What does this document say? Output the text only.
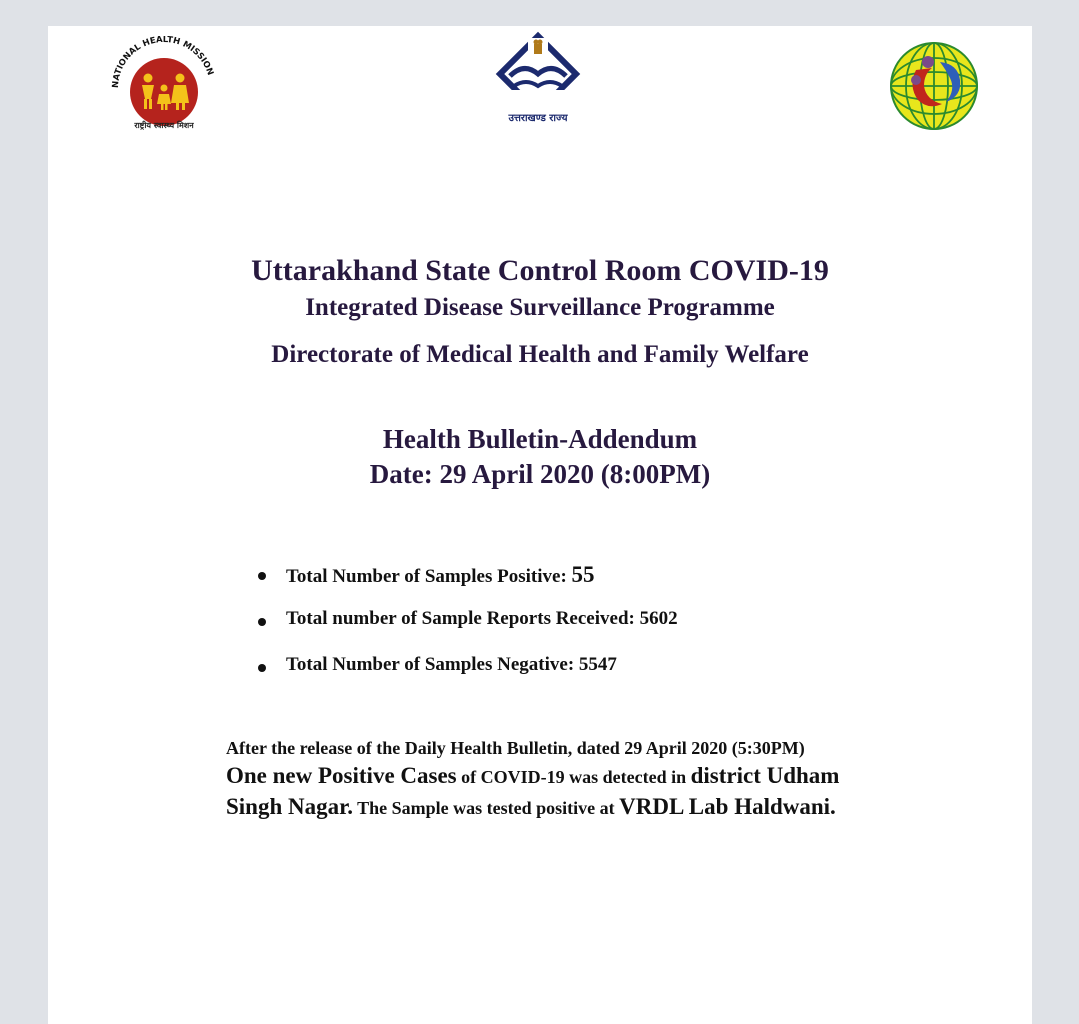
NATIONAL HEALTH MISSION
राष्ट्रीय स्वास्थ्य मिशन
उत्तराखण्ड राज्य
Uttarakhand State Control Room COVID-19
Integrated Disease Surveillance Programme
Directorate of Medical Health and Family Welfare
Health Bulletin-Addendum
Date: 29 April 2020 (8:00PM)
Total Number of Samples Positive: 55
Total number of Sample Reports Received: 5602
Total Number of Samples Negative: 5547
After the release of the Daily Health Bulletin, dated 29 April 2020 (5:30PM)
One new Positive Cases of COVID-19 was detected in district Udham
Singh Nagar. The Sample was tested positive at VRDL Lab Haldwani.
